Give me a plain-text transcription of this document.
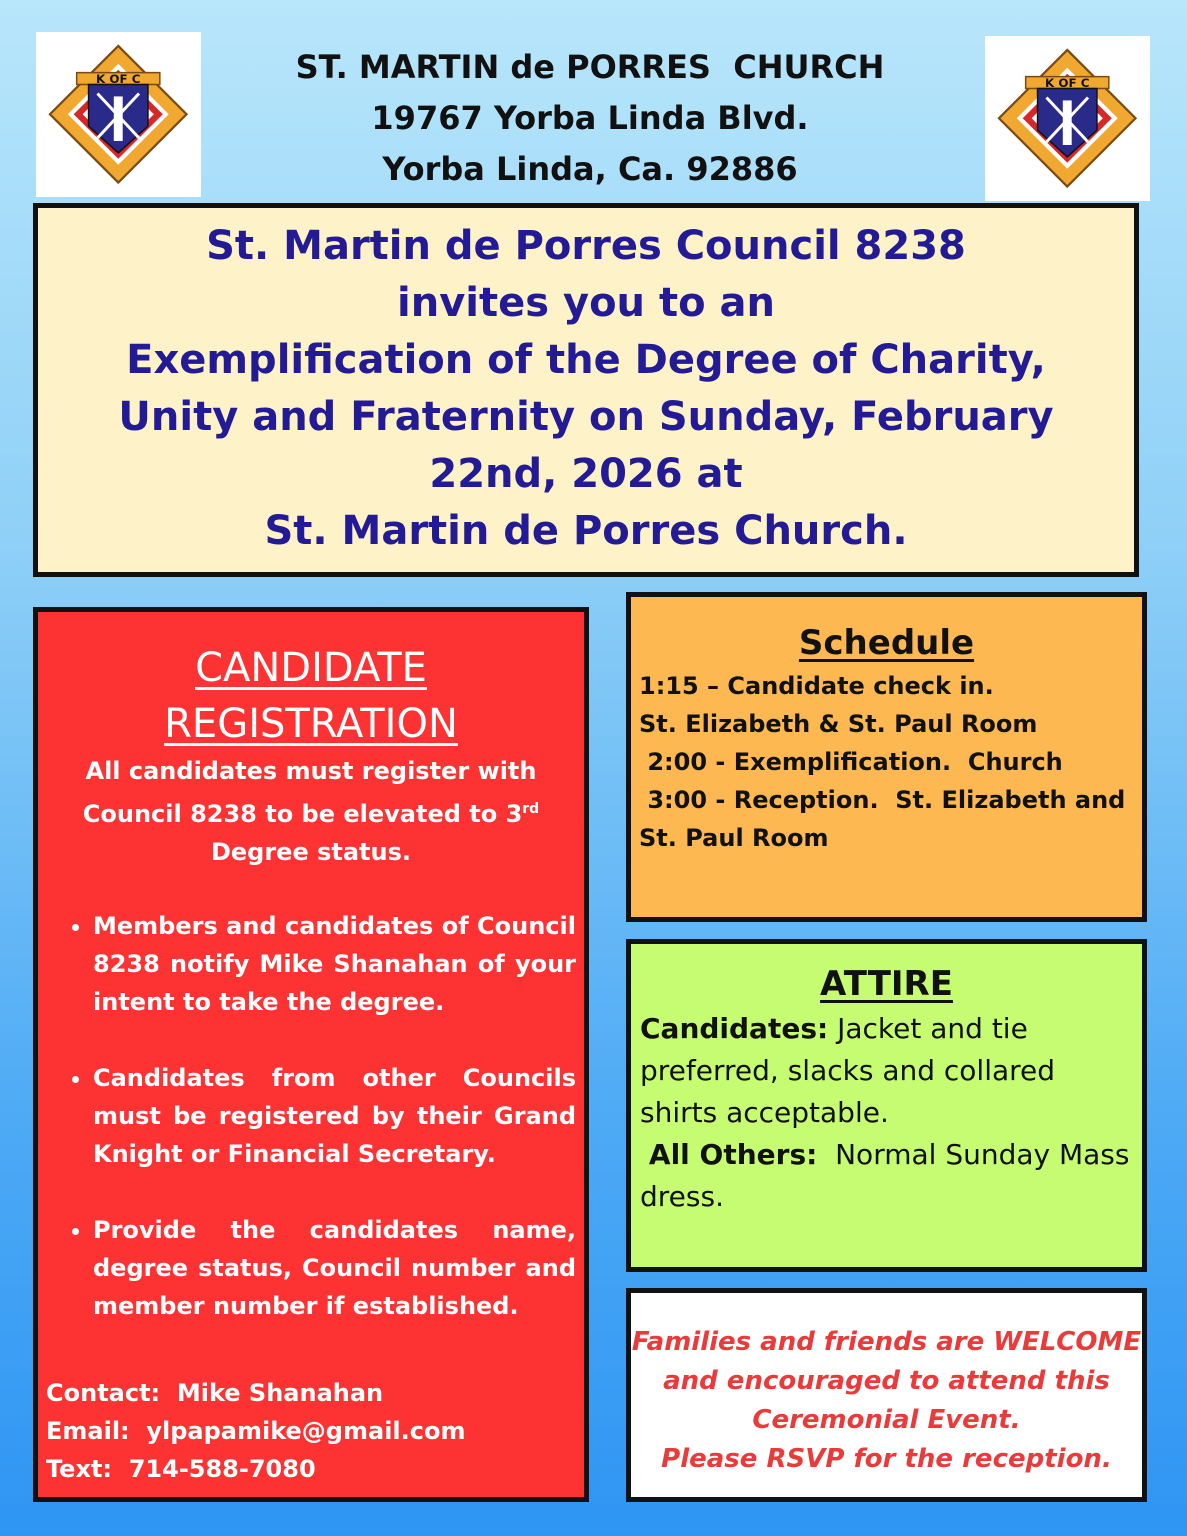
K OF C	K OF C
ST. MARTIN de PORRES  CHURCH
19767 Yorba Linda Blvd.
Yorba Linda, Ca. 92886
St. Martin de Porres Council 8238
invites you to an
Exemplification of the Degree of Charity,
Unity and Fraternity on Sunday, February
22nd, 2026 at
St. Martin de Porres Church.
CANDIDATE
REGISTRATION
All candidates must register with Council 8238 to be elevated to 3rd Degree status.
• Members and candidates of Council 8238 notify Mike Shanahan of your intent to take the degree.
• Candidates from other Councils must be registered by their Grand Knight or Financial Secretary.
• Provide the candidates name, degree status, Council number and member number if established.
Contact:  Mike Shanahan
Email:  ylpapamike@gmail.com
Text:  714-588-7080
Schedule
1:15 – Candidate check in.
St. Elizabeth & St. Paul Room
2:00 - Exemplification.  Church
3:00 - Reception.  St. Elizabeth and
St. Paul Room
ATTIRE
Candidates: Jacket and tie preferred, slacks and collared shirts acceptable.
All Others:  Normal Sunday Mass dress.
Families and friends are WELCOME
and encouraged to attend this
Ceremonial Event.
Please RSVP for the reception.
